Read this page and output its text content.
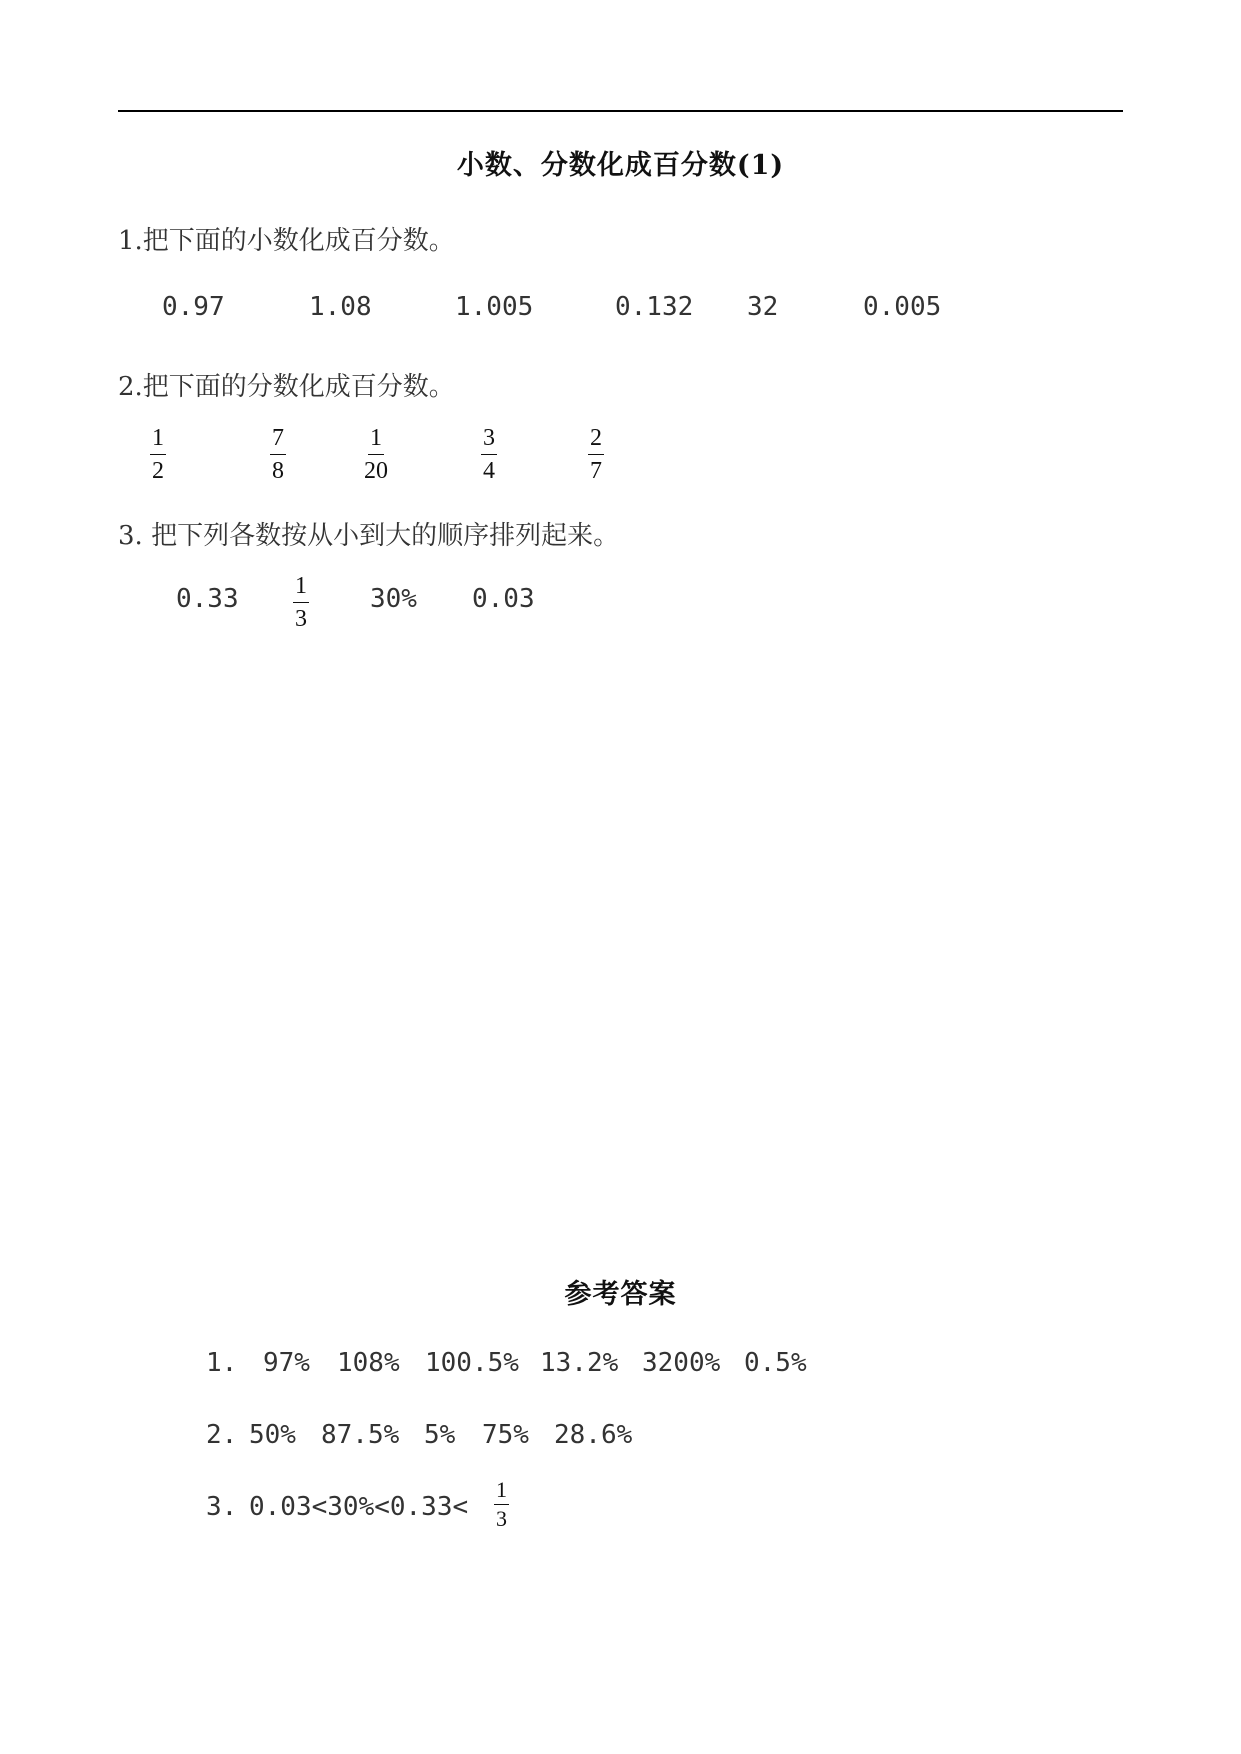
小数、分数化成百分数(1)
1.把下面的小数化成百分数。
0.97	1.08	1.005	0.132 32	0.005
2.把下面的分数化成百分数。
$\frac{1}{2}$	$\frac{7}{8}$	$\frac{1}{20}$	$\frac{3}{4}$	$\frac{2}{7}$
3. 把下列各数按从小到大的顺序排列起来。
$0.33 \frac{1}{3} 30\%$ 0.03
参考答案
1. 97% 108% 100.5% 13.2% 3200% 0.5%
2. 50% 87.5% 5% 75% 28.6%
3. $0.03<30\%<0.33< \frac{1}{3}$
